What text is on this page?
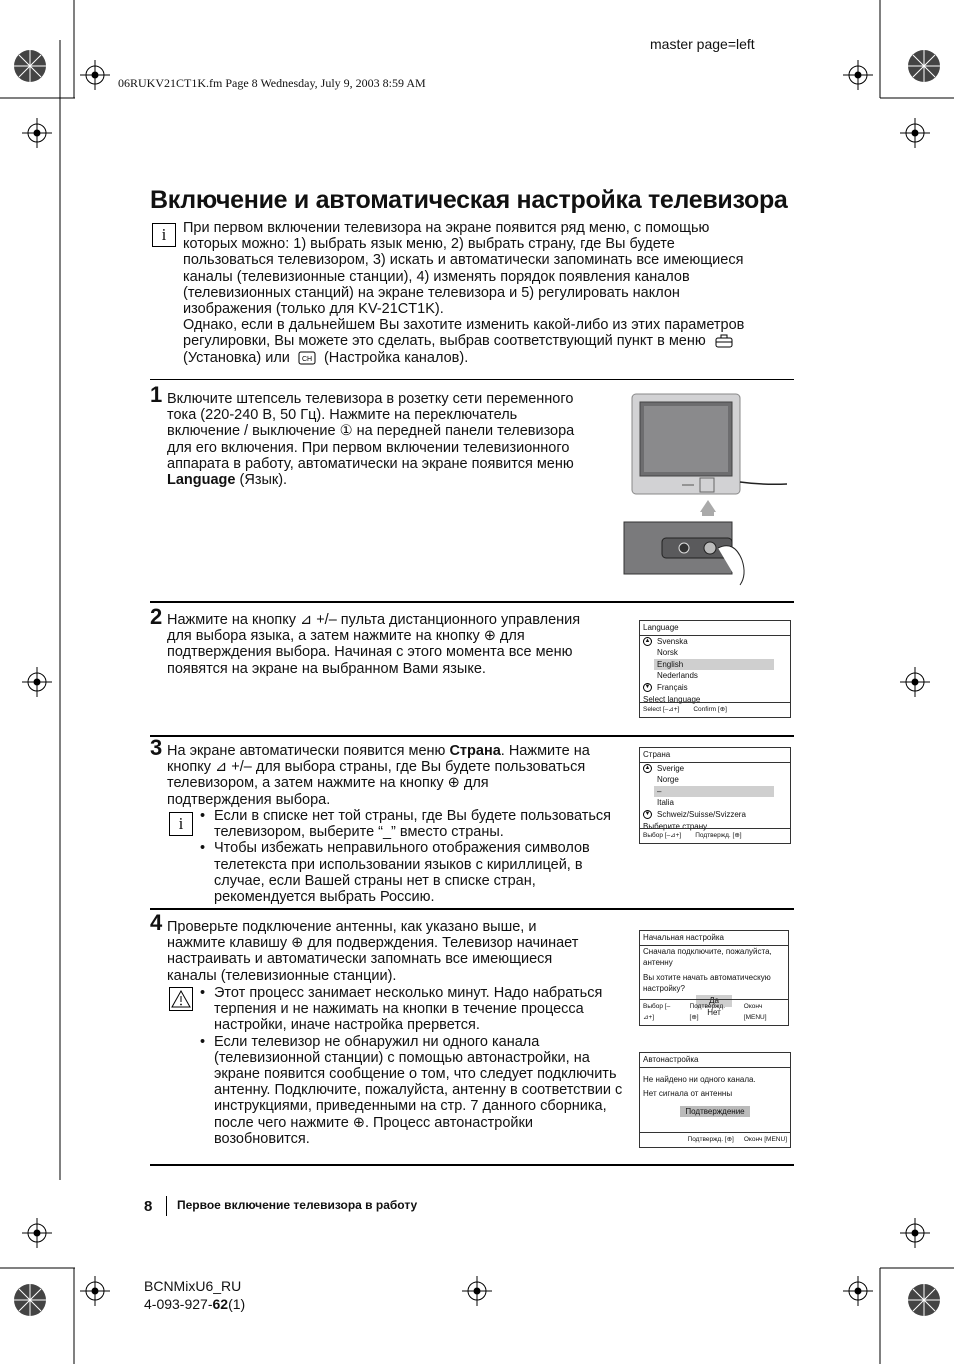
06RUKV21CT1K.fm Page 8 Wednesday, July 9, 2003 8:59 AM
master page=left
Включение и автоматическая настройка телевизора
i	При первом включении телевизора на экране появится ряд меню, с помощью
которых можно: 1) выбрать язык меню, 2) выбрать страну, где Вы будете
пользоваться телевизором, 3) искать и автоматически запоминать все имеющиеся
каналы (телевизионные станции), 4) изменять порядок появления каналов
(телевизионных станций) на экране телевизора и 5) регулировать наклон
изображения (только для KV-21CT1K).
Однако, если в дальнейшем Вы захотите изменить какой-либо из этих параметров
регулировки, Вы можете это сделать, выбрав соответствующий пункт в меню
(Установка) или CH (Настройка каналов).
1 Включите штепсель телевизора в розетку сети переменного
тока (220-240 В, 50 Гц). Нажмите на переключатель
включение / выключение ① на передней панели телевизора
для его включения. При первом включении телевизионного
аппарата в работу, автоматически на экране появится меню
Language (Язык).
2 Нажмите на кнопку ⊿ +/– пульта дистанционного управления
для выбора языка, а затем нажмите на кнопку ⊕ для
подтверждения выбора. Начиная с этого момента все меню
появятся на экране на выбранном Вами языке.
Language
▲ Svenska
Norsk
English
Nederlands
▼ Français
Select language
Select [–⊿+] Confirm [⊕]
3 На экране автоматически появится меню Страна. Нажмите на
кнопку ⊿ +/– для выбора страны, где Вы будете пользоваться
телевизором, а затем нажмите на кнопку ⊕ для
подтверждения выбора.
i
•	Если в списке нет той страны, где Вы будете пользоваться телевизором, выберите “_” вместо страны.
• Чтобы избежать неправильного отображения символов телетекста при использовании языков с кириллицей, в случае, если Вашей страны нет в списке стран, рекомендуется выбрать Россию.
Страна
▲ Sverige
Norge
–
Italia
▼ Schweiz/Suisse/Svizzera
Выберите страну
Выбор [–⊿+] Подтвержд. [⊕]
4 Проверьте подключение антенны, как указано выше, и
нажмите клавишу ⊕ для подверждения. Телевизор начинает
настраивать и автоматически запомнать все имеющиеся
каналы (телевизионные станции).
• Этот процесс занимает несколько минут. Надо набраться терпения и не нажимать на кнопки в течение процесса настройки, иначе настройка прервется.
• Если телевизор не обнаружил ни одного канала (телевизионной станции) с помощью автонастройки, на экране появится сообщение о том, что следует подключить антенну. Подключите, пожалуйста, антенну в соответствии с инструкциями, приведенными на стр. 7 данного сборника, после чего нажмите ⊕. Процесс автонастройки возобновится.
Начальная настройка
Сначала подключите, пожалуйста,
антенну
Вы хотите начать автоматическую
настройку?
Да
Нет
Выбор [–⊿+]
Подтвержд. [⊕]
Оконч [MENU]
Автонастройка
Не найдено ни одного канала.
Нет сигнала от антенны
Подтверждение
Подтвержд. [⊕] Оконч [MENU]
8 Первое включение телевизора в работу
BCNMixU6_RU
4-093-927-62(1)
